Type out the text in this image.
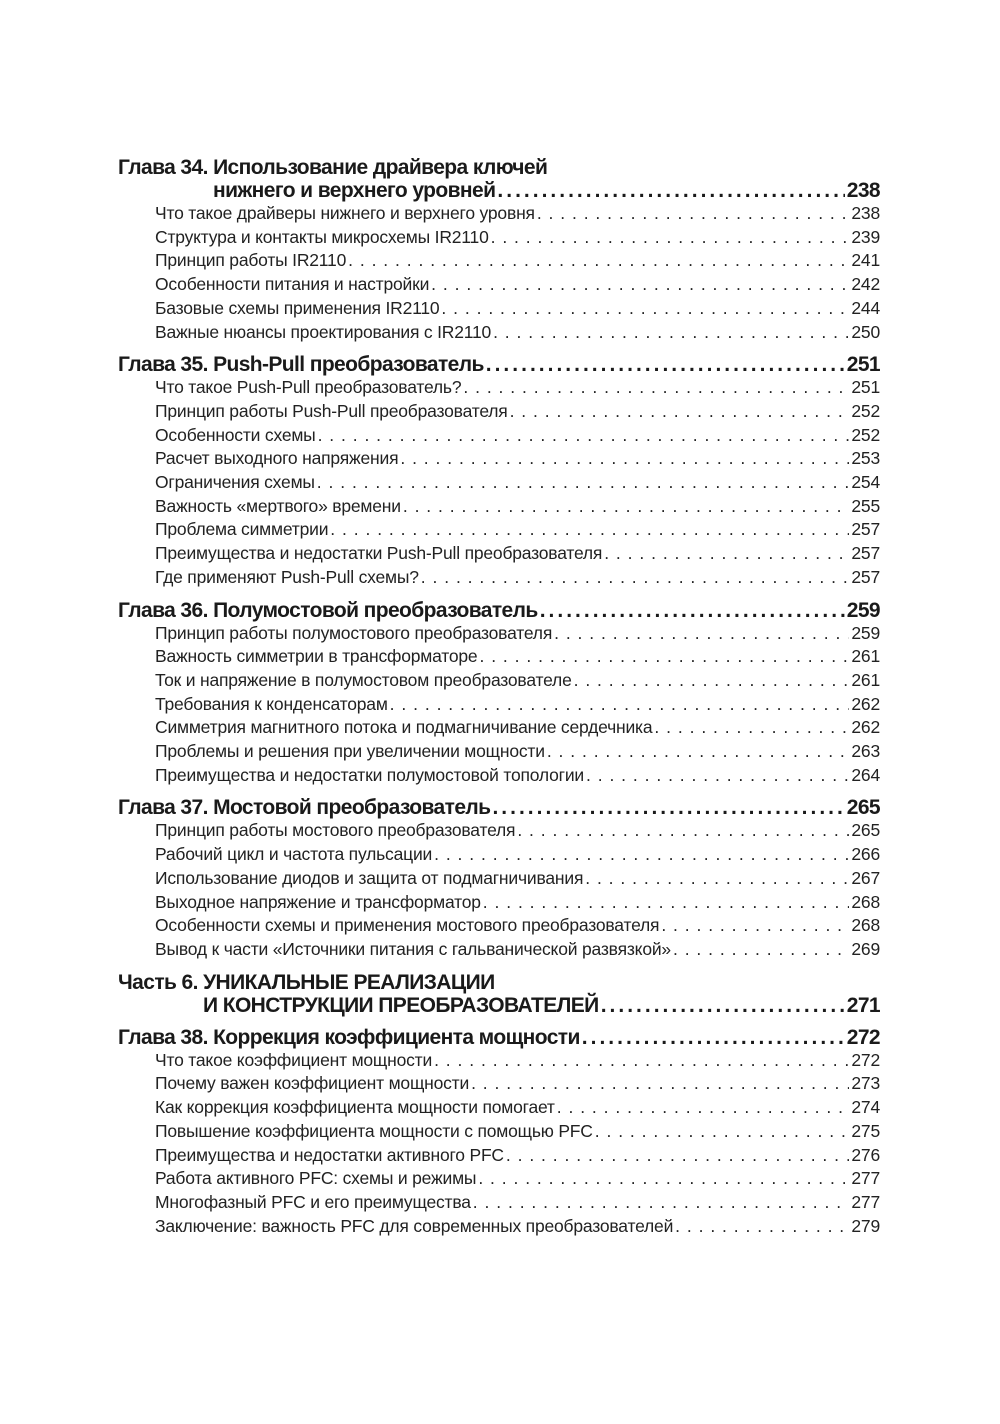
Глава 34. Использование драйвера ключей
нижнего и верхнего уровней .....	238
Что такое драйверы нижнего и верхнего уровня . . .	238
Структура и контакты микросхемы IR2110 . . .	239
Принцип работы IR2110 . . .	241
Особенности питания и настройки . . .	242
Базовые схемы применения IR2110 . . .	244
Важные нюансы проектирования с IR2110 . . .	250
Глава 35. Push-Pull преобразователь .....	251
Что такое Push-Pull преобразователь? . . .	251
Принцип работы Push-Pull преобразователя . . .	252
Особенности схемы . . .	252
Расчет выходного напряжения . . .	253
Ограничения схемы . . .	254
Важность «мертвого» времени . . .	255
Проблема симметрии . . .	257
Преимущества и недостатки Push-Pull преобразователя . . .	257
Где применяют Push-Pull схемы? . . .	257
Глава 36. Полумостовой преобразователь .....	259
Принцип работы полумостового преобразователя . . .	259
Важность симметрии в трансформаторе . . .	261
Ток и напряжение в полумостовом преобразователе . . .	261
Требования к конденсаторам . . .	262
Симметрия магнитного потока и подмагничивание сердечника . . .	262
Проблемы и решения при увеличении мощности . . .	263
Преимущества и недостатки полумостовой топологии . . .	264
Глава 37. Мостовой преобразователь .....	265
Принцип работы мостового преобразователя . . .	265
Рабочий цикл и частота пульсации . . .	266
Использование диодов и защита от подмагничивания . . .	267
Выходное напряжение и трансформатор . . .	268
Особенности схемы и применения мостового преобразователя . . .	268
Вывод к части «Источники питания с гальванической развязкой» . . .	269
Часть 6. УНИКАЛЬНЫЕ РЕАЛИЗАЦИИ
И КОНСТРУКЦИИ ПРЕОБРАЗОВАТЕЛЕЙ .....	271
Глава 38. Коррекция коэффициента мощности .....	272
Что такое коэффициент мощности . . .	272
Почему важен коэффициент мощности . . .	273
Как коррекция коэффициента мощности помогает . . .	274
Повышение коэффициента мощности с помощью PFC . . .	275
Преимущества и недостатки активного PFC . . .	276
Работа активного PFC: схемы и режимы . . .	277
Многофазный PFC и его преимущества . . .	277
Заключение: важность PFC для современных преобразователей . . .	279
